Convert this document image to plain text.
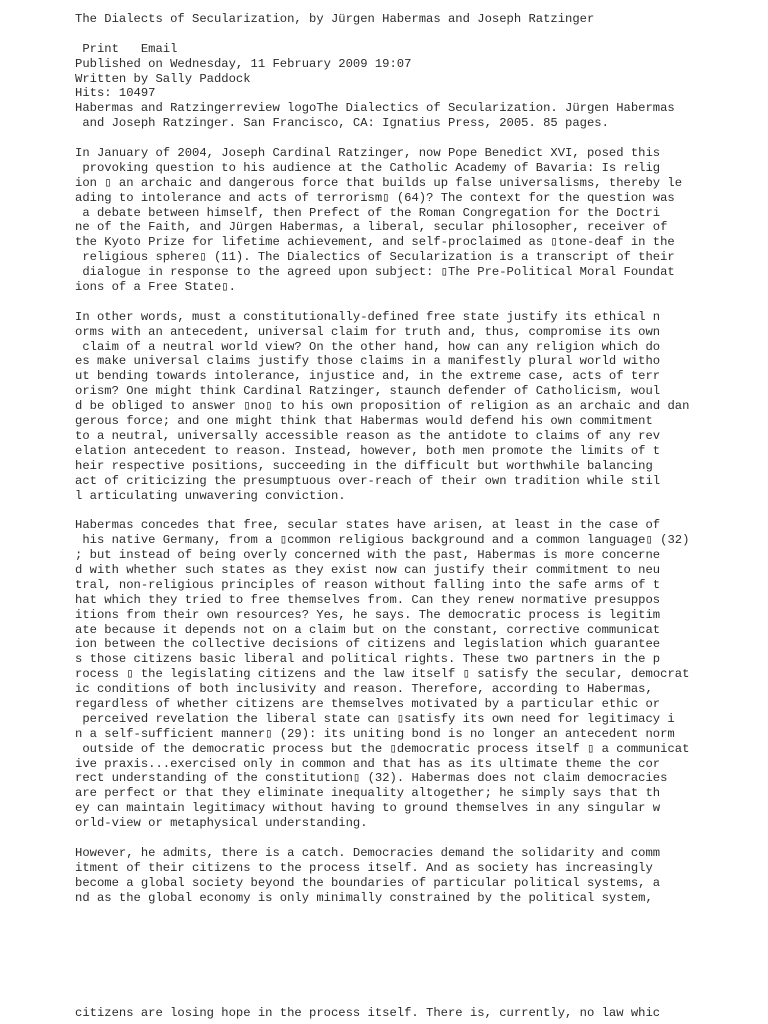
The Dialects of Secularization, by Jürgen Habermas and Joseph Ratzinger
Print Email
Published on Wednesday, 11 February 2009 19:07
Written by Sally Paddock
Hits: 10497
Habermas and Ratzingerreview logoThe Dialectics of Secularization. Jürgen Habermas
and Joseph Ratzinger. San Francisco, CA: Ignatius Press, 2005. 85 pages.
In January of 2004, Joseph Cardinal Ratzinger, now Pope Benedict XVI, posed this
provoking question to his audience at the Catholic Academy of Bavaria: Is relig
ion ▯ an archaic and dangerous force that builds up false universalisms, thereby le
ading to intolerance and acts of terrorism▯ (64)? The context for the question was
a debate between himself, then Prefect of the Roman Congregation for the Doctri
ne of the Faith, and Jürgen Habermas, a liberal, secular philosopher, receiver of
the Kyoto Prize for lifetime achievement, and self-proclaimed as ▯tone-deaf in the
religious sphere▯ (11). The Dialectics of Secularization is a transcript of their
dialogue in response to the agreed upon subject: ▯The Pre-Political Moral Foundat
ions of a Free State▯.
In other words, must a constitutionally-defined free state justify its ethical n
orms with an antecedent, universal claim for truth and, thus, compromise its own
claim of a neutral world view? On the other hand, how can any religion which do
es make universal claims justify those claims in a manifestly plural world witho
ut bending towards intolerance, injustice and, in the extreme case, acts of terr
orism? One might think Cardinal Ratzinger, staunch defender of Catholicism, woul
d be obliged to answer ▯no▯ to his own proposition of religion as an archaic and dan
gerous force; and one might think that Habermas would defend his own commitment
to a neutral, universally accessible reason as the antidote to claims of any rev
elation antecedent to reason. Instead, however, both men promote the limits of t
heir respective positions, succeeding in the difficult but worthwhile balancing
act of criticizing the presumptuous over-reach of their own tradition while stil
l articulating unwavering conviction.
Habermas concedes that free, secular states have arisen, at least in the case of
his native Germany, from a ▯common religious background and a common language▯ (32)
; but instead of being overly concerned with the past, Habermas is more concerne
d with whether such states as they exist now can justify their commitment to neu
tral, non-religious principles of reason without falling into the safe arms of t
hat which they tried to free themselves from. Can they renew normative presuppos
itions from their own resources? Yes, he says. The democratic process is legitim
ate because it depends not on a claim but on the constant, corrective communicat
ion between the collective decisions of citizens and legislation which guarantee
s those citizens basic liberal and political rights. These two partners in the p
rocess ▯ the legislating citizens and the law itself ▯ satisfy the secular, democrat
ic conditions of both inclusivity and reason. Therefore, according to Habermas,
regardless of whether citizens are themselves motivated by a particular ethic or
perceived revelation the liberal state can ▯satisfy its own need for legitimacy i
n a self-sufficient manner▯ (29): its uniting bond is no longer an antecedent norm
outside of the democratic process but the ▯democratic process itself ▯ a communicat
ive praxis...exercised only in common and that has as its ultimate theme the cor
rect understanding of the constitution▯ (32). Habermas does not claim democracies
are perfect or that they eliminate inequality altogether; he simply says that th
ey can maintain legitimacy without having to ground themselves in any singular w
orld-view or metaphysical understanding.
However, he admits, there is a catch. Democracies demand the solidarity and comm
itment of their citizens to the process itself. And as society has increasingly
become a global society beyond the boundaries of particular political systems, a
nd as the global economy is only minimally constrained by the political system,
citizens are losing hope in the process itself. There is, currently, no law whic
